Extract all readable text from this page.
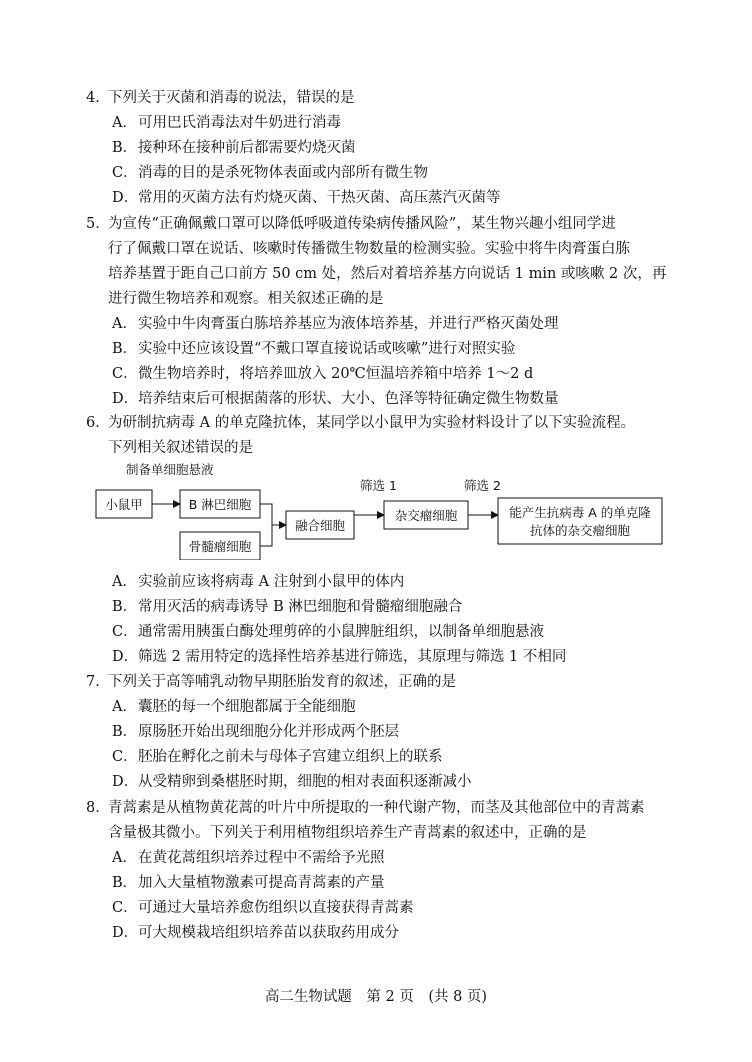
4．下列关于灭菌和消毒的说法，错误的是

A．可用巴氏消毒法对牛奶进行消毒

B．接种环在接种前后都需要灼烧灭菌

C．消毒的目的是杀死物体表面或内部所有微生物

D．常用的灭菌方法有灼烧灭菌、干热灭菌、高压蒸汽灭菌等

5．为宣传“正确佩戴口罩可以降低呼吸道传染病传播风险”，某生物兴趣小组同学进

行了佩戴口罩在说话、咳嗽时传播微生物数量的检测实验。实验中将牛肉膏蛋白胨

培养基置于距自己口前方 50 cm 处，然后对着培养基方向说话 1 min 或咳嗽 2 次，再

进行微生物培养和观察。相关叙述正确的是

A．实验中牛肉膏蛋白胨培养基应为液体培养基，并进行严格灭菌处理

B．实验中还应该设置“不戴口罩直接说话或咳嗽”进行对照实验

C．微生物培养时，将培养皿放入 20℃恒温培养箱中培养 1～2 d

D．培养结束后可根据菌落的形状、大小、色泽等特征确定微生物数量

6．为研制抗病毒 A 的单克隆抗体，某同学以小鼠甲为实验材料设计了以下实验流程。

下列相关叙述错误的是

制备单细胞悬液
小鼠甲	B 淋巴细胞
骨髓瘤细胞
融合细胞
筛选 1
杂交瘤细胞
筛选 2
能产生抗病毒 A 的单克隆
抗体的杂交瘤细胞

A．实验前应该将病毒 A 注射到小鼠甲的体内

B．常用灭活的病毒诱导 B 淋巴细胞和骨髓瘤细胞融合

C．通常需用胰蛋白酶处理剪碎的小鼠脾脏组织，以制备单细胞悬液

D．筛选 2 需用特定的选择性培养基进行筛选，其原理与筛选 1 不相同

7．下列关于高等哺乳动物早期胚胎发育的叙述，正确的是

A．囊胚的每一个细胞都属于全能细胞

B．原肠胚开始出现细胞分化并形成两个胚层

C．胚胎在孵化之前未与母体子宫建立组织上的联系

D．从受精卵到桑椹胚时期，细胞的相对表面积逐渐减小

8．青蒿素是从植物黄花蒿的叶片中所提取的一种代谢产物，而茎及其他部位中的青蒿素

含量极其微小。下列关于利用植物组织培养生产青蒿素的叙述中，正确的是

A．在黄花蒿组织培养过程中不需给予光照

B．加入大量植物激素可提高青蒿素的产量

C．可通过大量培养愈伤组织以直接获得青蒿素

D．可大规模栽培组织培养苗以获取药用成分

高二生物试题　第 2 页　(共 8 页)
